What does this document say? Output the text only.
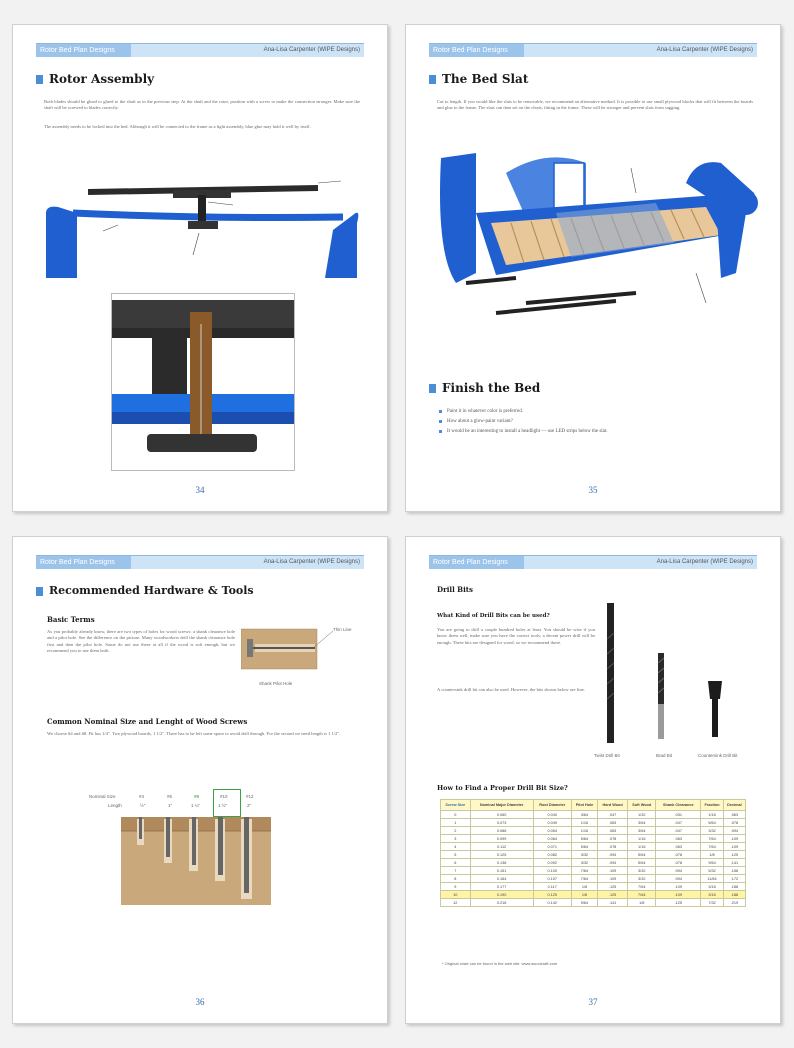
Rotor Bed Plan Designs	Ana-Lisa Carpenter (WIPE Designs)
Rotor Assembly
Both blades should be glued to glued to the shaft as in the previous step. At the shaft and the rotor, position with a screw to make the connection stronger. Make sure the shaft will be screwed to blades correctly.
The assembly needs to be locked into the bed. Although it will be connected to the frame as a light assembly, blue glue may hold it well by itself.
34
Rotor Bed Plan Designs	Ana-Lisa Carpenter (WIPE Designs)
The Bed Slat
Cut to length. If you would like the slats to be removable, we recommend an alternative method. It is possible to use small plywood blocks that will fit between the boards and glue to the frame. The slats can then set on the cleats, fitting in the frame. These will be stronger and prevent slats from sagging.
Finish the Bed
Paint it in whatever color is preferred.
How about a glow-paint variant?
It would be an interesting to install a headlight — use LED strips below the slat.
35
Rotor Bed Plan Designs	Ana-Lisa Carpenter (WIPE Designs)
Recommended Hardware & Tools
Basic Terms
As you probably already know, there are two types of holes for wood screws: a shank clearance hole and a pilot hole. See the difference on the picture. Many woodworkers drill the shank clearance hole first and then the pilot hole. Some do not use these at all if the wood is soft enough, but we recommend you to use them both.
Thin Line
Shank Pilot Hole
Common Nominal Size and Lenght of Wood Screws
We choose #4 and #8. Fit has 1/4". Two plywood boards, 1 1/2". There has to be left some space to avoid drill through. For the second we need length is 1 1/2".
Nominal Size
Length
#4	#6	#8	#10	#12
½"	1"	1 ¼"	1 ½"	2"
36
Rotor Bed Plan Designs	Ana-Lisa Carpenter (WIPE Designs)
Drill Bits
What Kind of Drill Bits can be used?
You are going to drill a couple hundred holes at least. You should be wise if you know them well, make sure you have the correct tools; a decent power drill will be enough. These bits are designed for wood, so we recommend those.
A countersink drill bit can also be used. However, the bits shown below are fine.
Twist Drill Bit	Brad Bit	Countersink Drill Bit
How to Find a Proper Drill Bit Size?
Screw Size	Nominal Major Diameter	Root Diameter	Pilot Hole	Hard Wood	Soft Wood	Shank Clearance	Fraction	Decimal
0	0.060	0.040	3/64	.047	1/32	.031	1/16	.063
1	0.073	0.049	1/16	.063	3/64	.047	5/64	.078
2	0.086	0.054	1/16	.063	3/64	.047	3/32	.094
3	0.099	0.064	5/64	.078	1/16	.063	7/64	.109
4	0.112	0.071	5/64	.078	1/16	.063	7/64	.109
5	0.125	0.082	3/32	.094	5/64	.078	1/8	.125
6	0.138	0.092	3/32	.094	5/64	.078	9/64	.141
7	0.151	0.100	7/64	.109	3/32	.094	5/32	.156
8	0.164	0.107	7/64	.109	3/32	.094	11/64	.172
9	0.177	0.117	1/8	.125	7/64	.109	3/16	.188
10	0.190	0.125	1/8	.125	7/64	.109	3/16	.188
12	0.216	0.142	9/64	.141	1/8	.125	7/32	.219
* Original chart can be found in the web site: www.woodcraft.com
37
